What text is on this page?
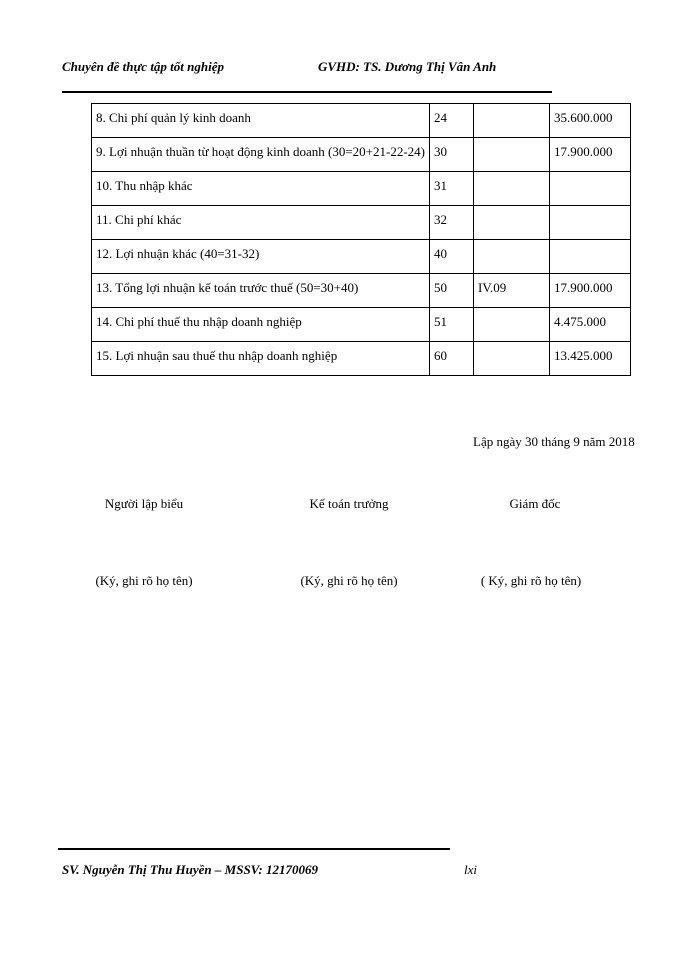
Chuyên đề thực tập tốt nghiệp	GVHD: TS. Dương Thị Vân Anh
8. Chi phí quản lý kinh doanh	24		35.600.000
9. Lợi nhuận thuần từ hoạt động kinh doanh (30=20+21-22-24)	30		17.900.000
10. Thu nhập khác	31		
11. Chi phí khác	32		
12. Lợi nhuận khác (40=31-32)	40		
13. Tổng lợi nhuận kế toán trước thuế (50=30+40)	50	IV.09	17.900.000
14. Chi phí thuế thu nhập doanh nghiệp	51		4.475.000
15. Lợi nhuận sau thuế thu nhập doanh nghiệp	60		13.425.000
Lập ngày 30 tháng 9 năm 2018
Người lập biểu	Kế toán trưởng	Giám đốc
(Ký, ghi rõ họ tên)	(Ký, ghi rõ họ tên)	( Ký, ghi rõ họ tên)
SV. Nguyễn Thị Thu Huyền – MSSV: 12170069	lxi
